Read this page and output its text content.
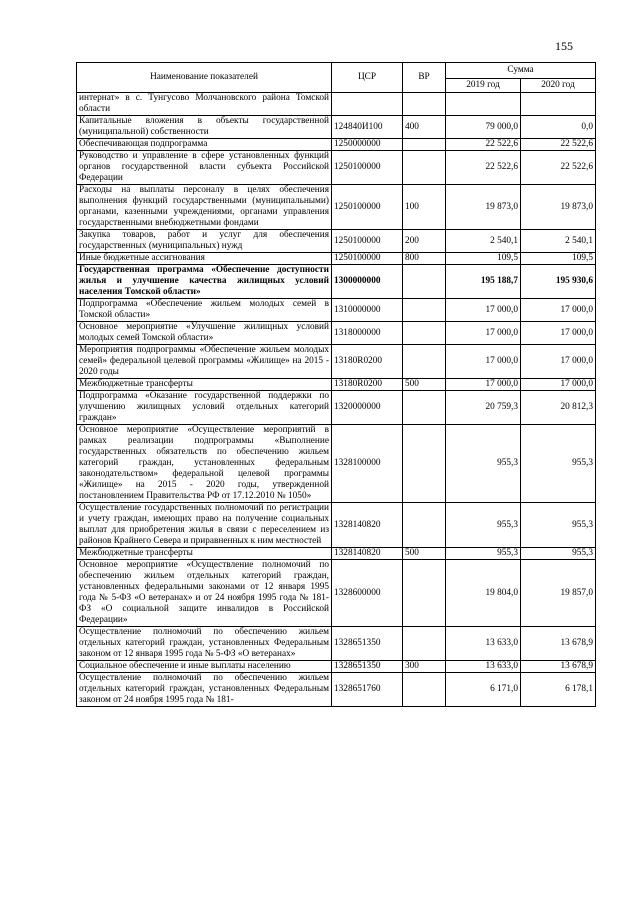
155
Наименование показателей	ЦСР	ВР	Сумма	
			2019 год	2020 год
интернат» в с. Тунгусово Молчановского района Томской области				
Капитальные вложения в объекты государственной (муниципальной) собственности	124840И100	400	79 000,0	0,0
Обеспечивающая подпрограмма	1250000000		22 522,6	22 522,6
Руководство и управление в сфере установленных функций органов государственной власти субъекта Российской Федерации	1250100000		22 522,6	22 522,6
Расходы на выплаты персоналу в целях обеспечения выполнения функций государственными (муниципальными) органами, казенными учреждениями, органами управления государственными внебюджетными фондами	1250100000	100	19 873,0	19 873,0
Закупка товаров, работ и услуг для обеспечения государственных (муниципальных) нужд	1250100000	200	2 540,1	2 540,1
Иные бюджетные ассигнования	1250100000	800	109,5	109,5
Государственная программа «Обеспечение доступности жилья и улучшение качества жилищных условий населения Томской области»	1300000000		195 188,7	195 930,6
Подпрограмма «Обеспечение жильем молодых семей в Томской области»	1310000000		17 000,0	17 000,0
Основное мероприятие «Улучшение жилищных условий молодых семей Томской области»	1318000000		17 000,0	17 000,0
Мероприятия подпрограммы «Обеспечение жильем молодых семей» федеральной целевой программы «Жилище» на 2015 - 2020 годы	13180R0200		17 000,0	17 000,0
Межбюджетные трансферты	13180R0200	500	17 000,0	17 000,0
Подпрограмма «Оказание государственной поддержки по улучшению жилищных условий отдельных категорий граждан»	1320000000		20 759,3	20 812,3
Основное мероприятие «Осуществление мероприятий в рамках реализации подпрограммы «Выполнение государственных обязательств по обеспечению жильем категорий граждан, установленных федеральным законодательством» федеральной целевой программы «Жилище» на 2015 - 2020 годы, утвержденной постановлением Правительства РФ от 17.12.2010 № 1050»	1328100000		955,3	955,3
Осуществление государственных полномочий по регистрации и учету граждан, имеющих право на получение социальных выплат для приобретения жилья в связи с переселением из районов Крайнего Севера и приравненных к ним местностей	1328140820		955,3	955,3
Межбюджетные трансферты	1328140820	500	955,3	955,3
Основное мероприятие «Осуществление полномочий по обеспечению жильем отдельных категорий граждан, установленных федеральными законами от 12 января 1995 года № 5-ФЗ «О ветеранах» и от 24 ноября 1995 года № 181-ФЗ «О социальной защите инвалидов в Российской Федерации»	1328600000		19 804,0	19 857,0
Осуществление полномочий по обеспечению жильем отдельных категорий граждан, установленных Федеральным законом от 12 января 1995 года № 5-ФЗ «О ветеранах»	1328651350		13 633,0	13 678,9
Социальное обеспечение и иные выплаты населению	1328651350	300	13 633,0	13 678,9
Осуществление полномочий по обеспечению жильем отдельных категорий граждан, установленных Федеральным законом от 24 ноября 1995 года № 181-	1328651760		6 171,0	6 178,1
